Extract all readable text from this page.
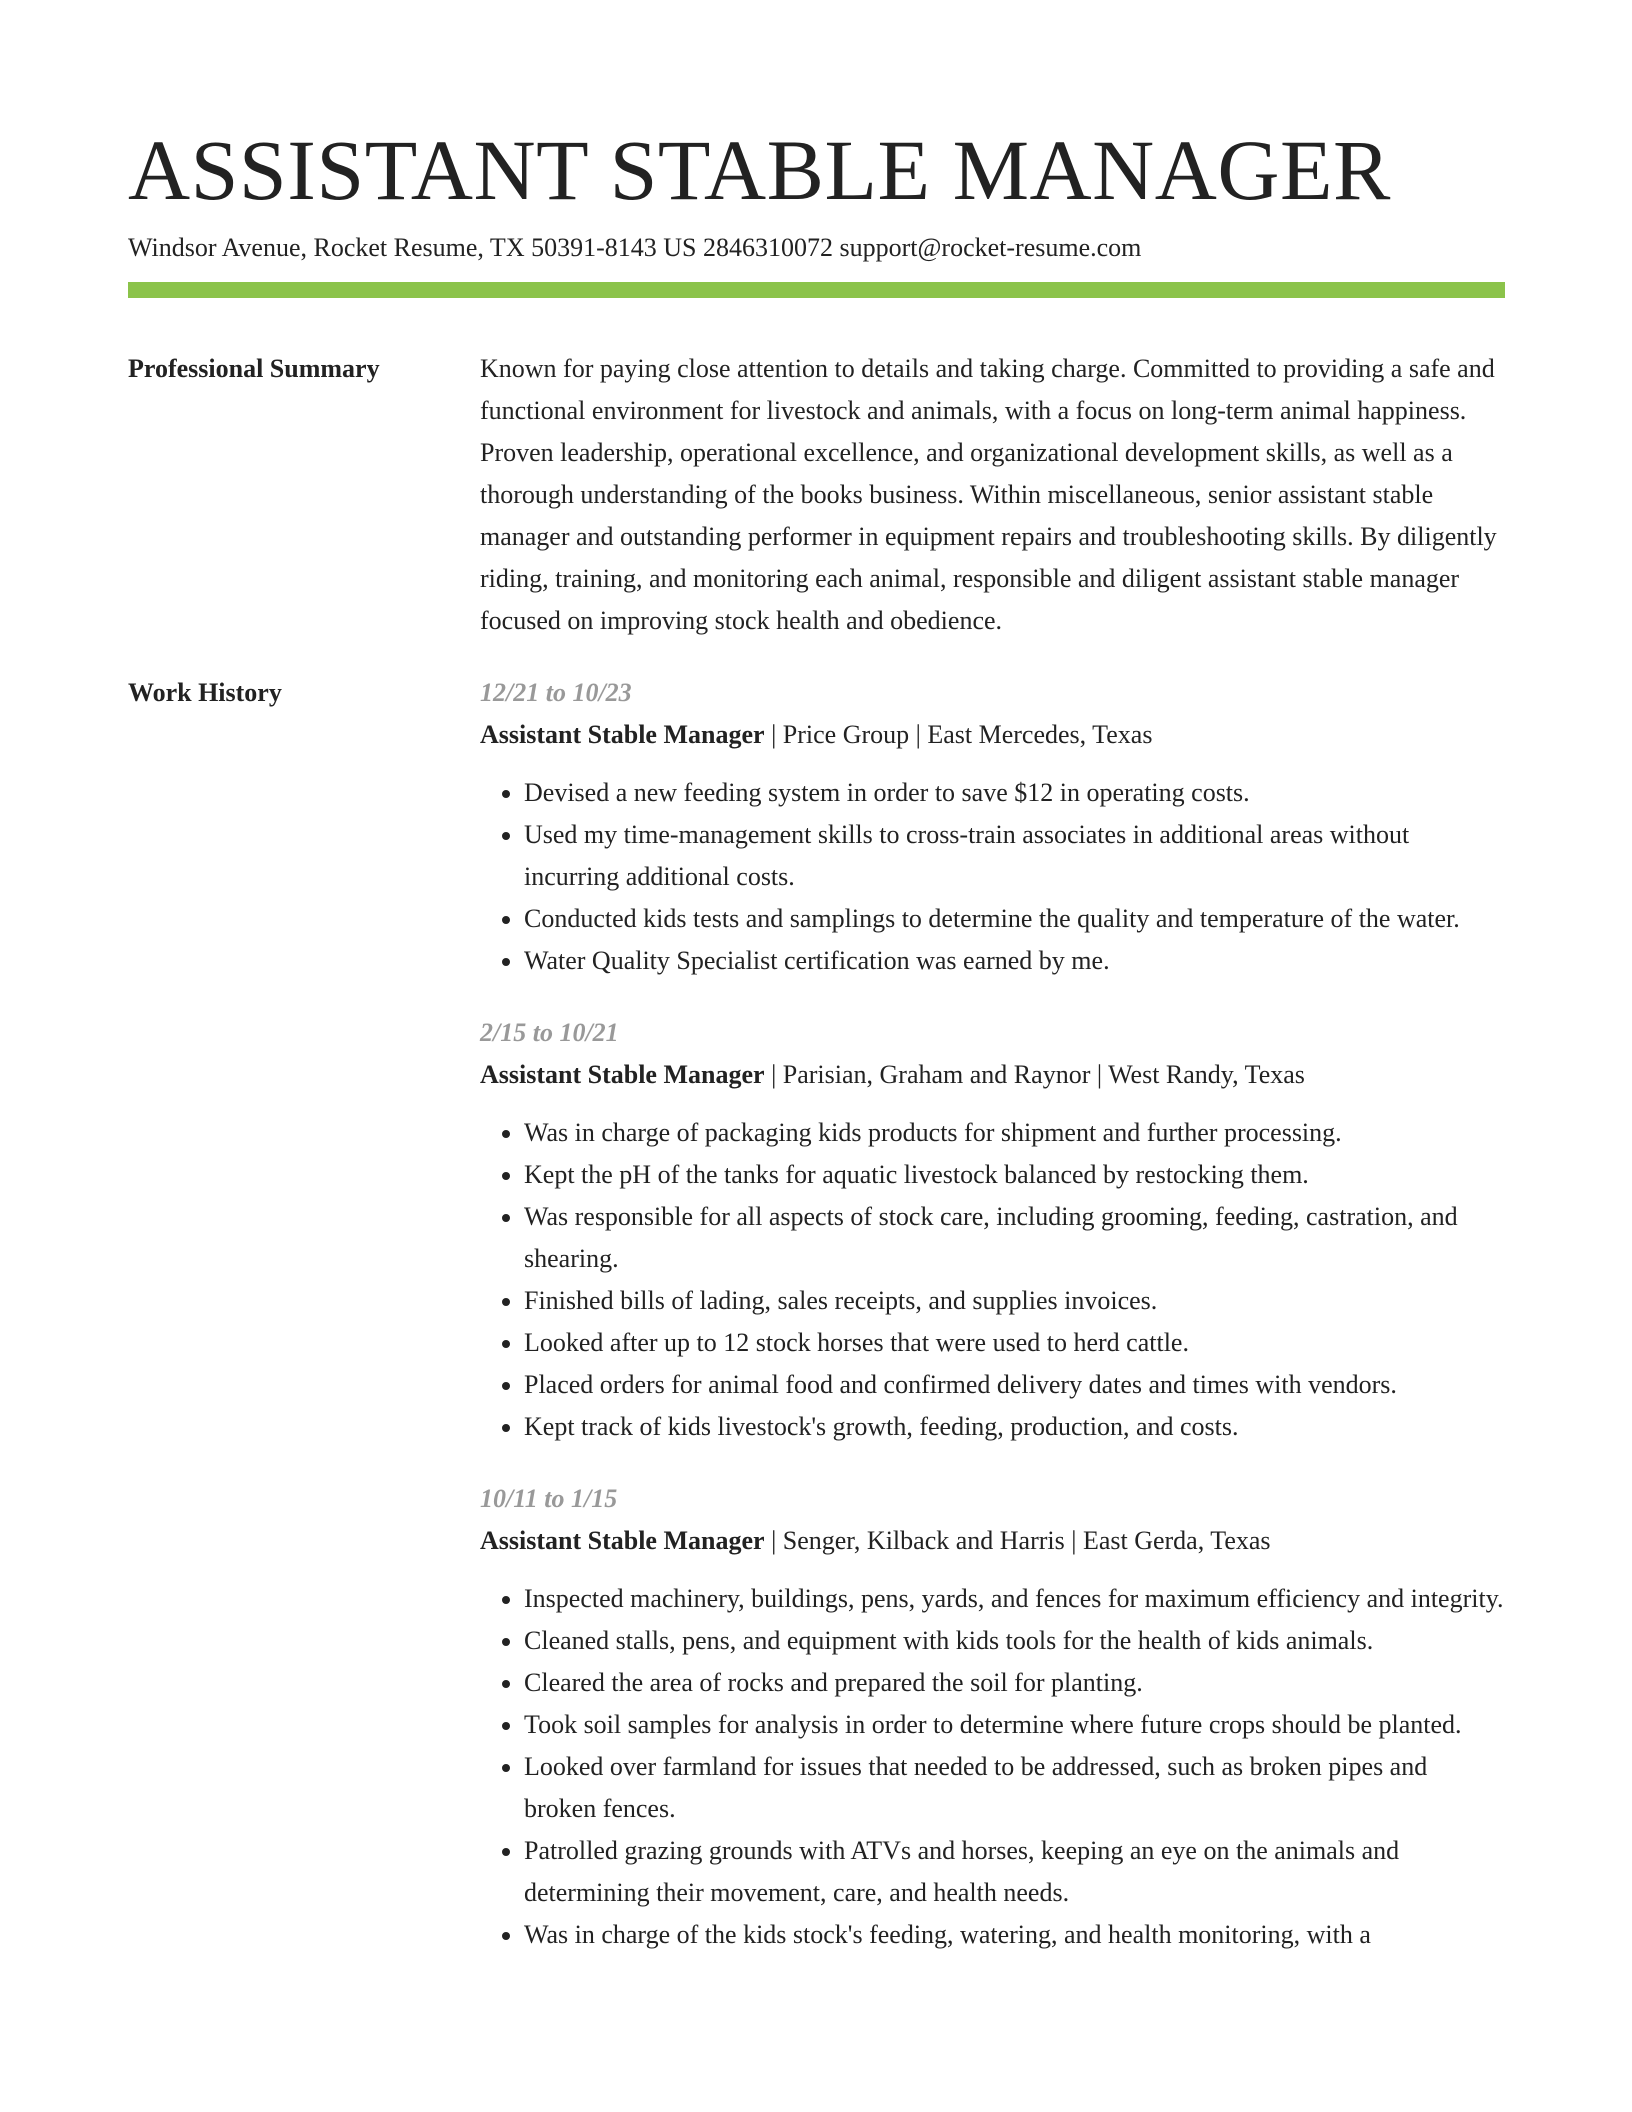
ASSISTANT STABLE MANAGER
Windsor Avenue, Rocket Resume, TX 50391-8143 US 2846310072 support@rocket-resume.com
Professional Summary	Known for paying close attention to details and taking charge. Committed to providing a safe and functional environment for livestock and animals, with a focus on long-term animal happiness. Proven leadership, operational excellence, and organizational development skills, as well as a thorough understanding of the books business. Within miscellaneous, senior assistant stable manager and outstanding performer in equipment repairs and troubleshooting skills. By diligently riding, training, and monitoring each animal, responsible and diligent assistant stable manager focused on improving stock health and obedience.

Work History	12/21 to 10/23
Assistant Stable Manager | Price Group | East Mercedes, Texas
• Devised a new feeding system in order to save $12 in operating costs.
• Used my time-management skills to cross-train associates in additional areas without incurring additional costs.
• Conducted kids tests and samplings to determine the quality and temperature of the water.
• Water Quality Specialist certification was earned by me.
2/15 to 10/21
Assistant Stable Manager | Parisian, Graham and Raynor | West Randy, Texas
• Was in charge of packaging kids products for shipment and further processing.
• Kept the pH of the tanks for aquatic livestock balanced by restocking them.
• Was responsible for all aspects of stock care, including grooming, feeding, castration, and shearing.
• Finished bills of lading, sales receipts, and supplies invoices.
• Looked after up to 12 stock horses that were used to herd cattle.
• Placed orders for animal food and confirmed delivery dates and times with vendors.
• Kept track of kids livestock's growth, feeding, production, and costs.
10/11 to 1/15
Assistant Stable Manager | Senger, Kilback and Harris | East Gerda, Texas
• Inspected machinery, buildings, pens, yards, and fences for maximum efficiency and integrity.
• Cleaned stalls, pens, and equipment with kids tools for the health of kids animals.
• Cleared the area of rocks and prepared the soil for planting.
• Took soil samples for analysis in order to determine where future crops should be planted.
• Looked over farmland for issues that needed to be addressed, such as broken pipes and broken fences.
• Patrolled grazing grounds with ATVs and horses, keeping an eye on the animals and determining their movement, care, and health needs.
• Was in charge of the kids stock's feeding, watering, and health monitoring, with a
